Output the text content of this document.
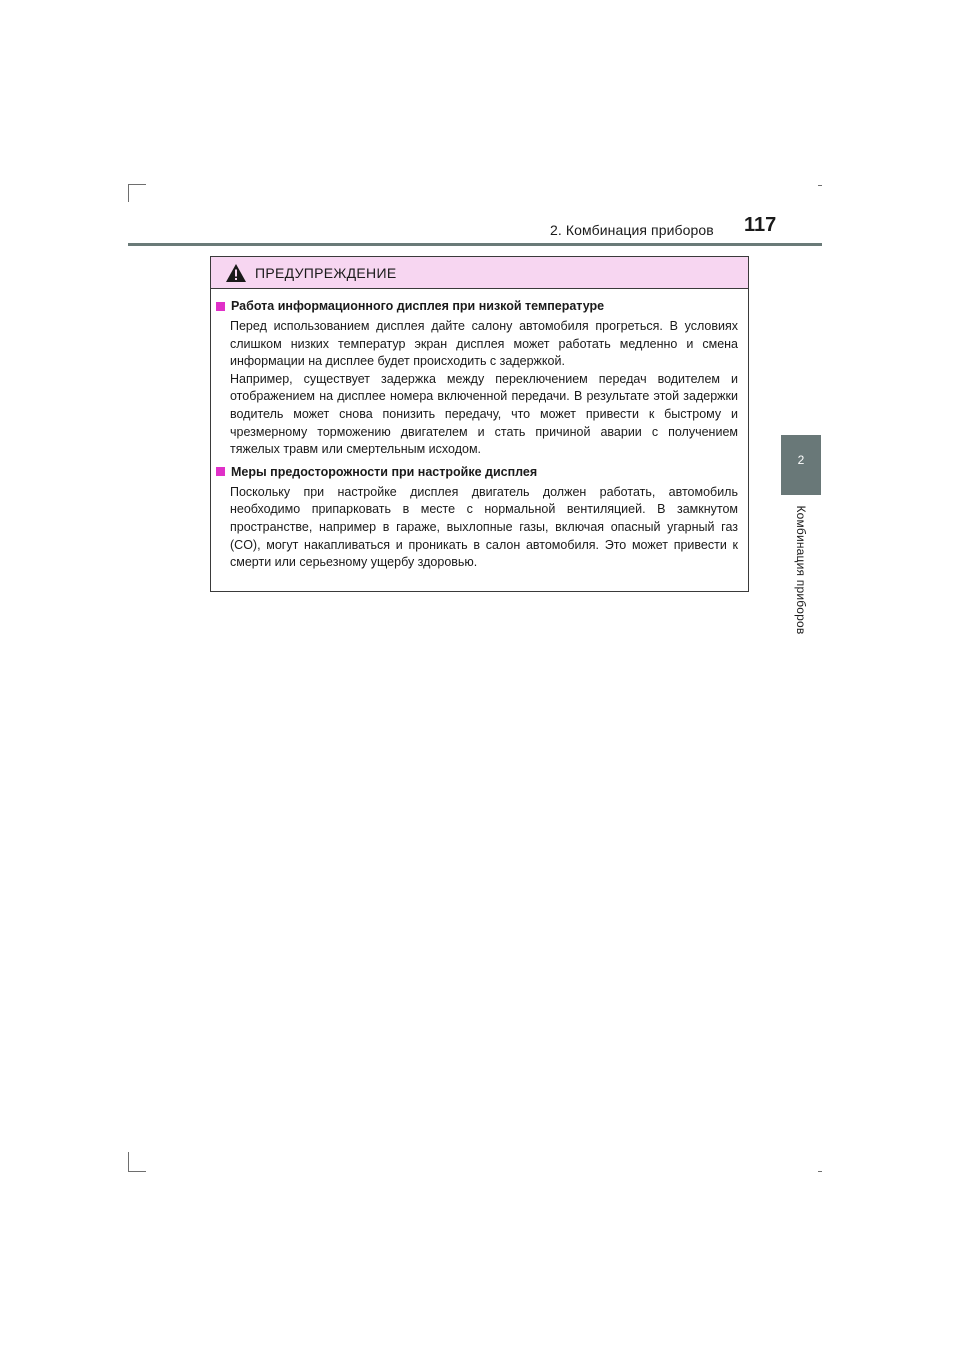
2. Комбинация приборов 117
2
Комбинация приборов
ПРЕДУПРЕЖДЕНИЕ
Работа информационного дисплея при низкой температуре

Перед использованием дисплея дайте салону автомобиля прогреться. В условиях слишком низких температур экран дисплея может работать медленно и смена информации на дисплее будет происходить с задержкой.

Например, существует задержка между переключением передач водителем и отображением на дисплее номера включенной передачи. В результате этой задержки водитель может снова понизить передачу, что может привести к быстрому и чрезмерному торможению двигателем и стать причиной аварии с получением тяжелых травм или смертельным исходом.

Меры предосторожности при настройке дисплея

Поскольку при настройке дисплея двигатель должен работать, автомобиль необходимо припарковать в месте с нормальной вентиляцией. В замкнутом пространстве, например в гараже, выхлопные газы, включая опасный угарный газ (CO), могут накапливаться и проникать в салон автомобиля. Это может привести к смерти или серьезному ущербу здоровью.
